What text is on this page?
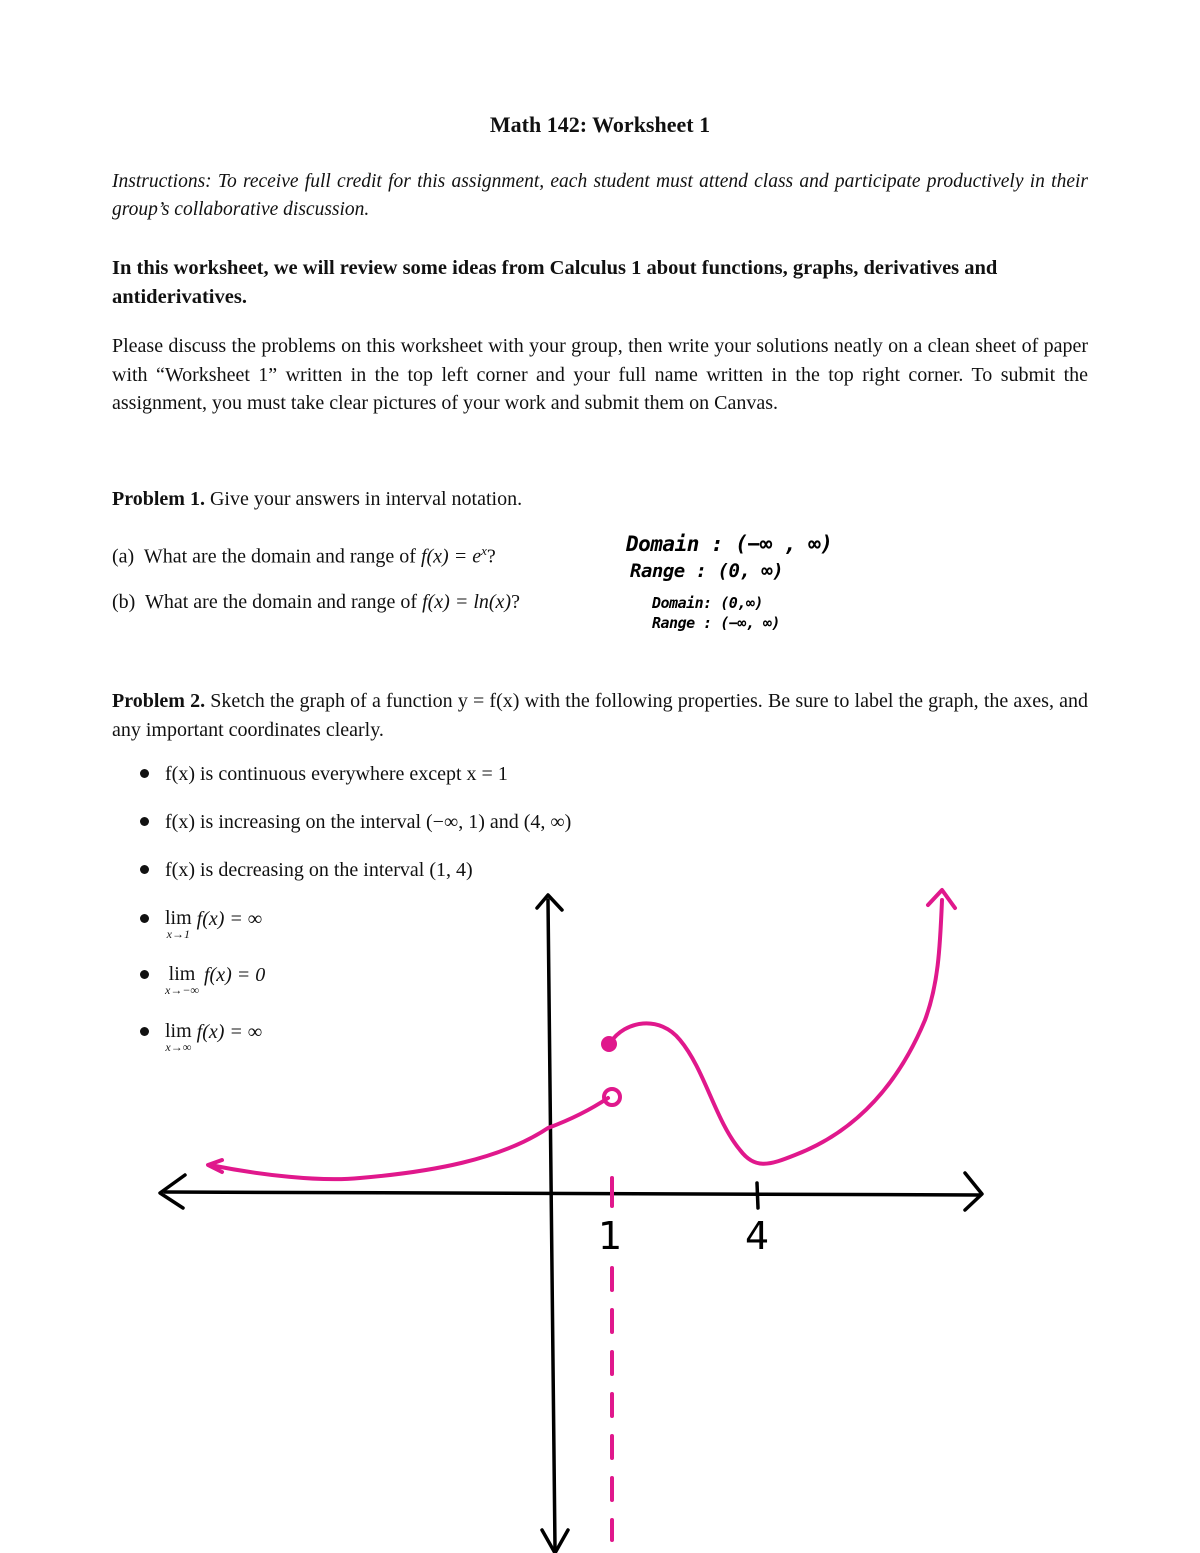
Math 142: Worksheet 1
Instructions: To receive full credit for this assignment, each student must attend class and participate productively in their group’s collaborative discussion.
In this worksheet, we will review some ideas from Calculus 1 about functions, graphs, derivatives and antiderivatives.
Please discuss the problems on this worksheet with your group, then write your solutions neatly on a clean sheet of paper with “Worksheet 1” written in the top left corner and your full name written in the top right corner. To submit the assignment, you must take clear pictures of your work and submit them on Canvas.
Problem 1. Give your answers in interval notation.
(a) What are the domain and range of $f(x) = e^x$?
Domain : (−∞ , ∞)
Range : (0, ∞)
(b) What are the domain and range of f(x) = ln(x)?	Domain: (0,∞)
Range : (−∞, ∞)
Problem 2. Sketch the graph of a function y = f(x) with the following properties. Be sure to label the graph, the axes, and any important coordinates clearly.
f(x) is continuous everywhere except x = 1
f(x) is increasing on the interval (−∞, 1) and (4, ∞)
f(x) is decreasing on the interval (1, 4)
lim
x→1
f(x) = ∞
lim
x→−∞
f(x) = 0
lim
x→∞
f(x) = ∞
1	4
